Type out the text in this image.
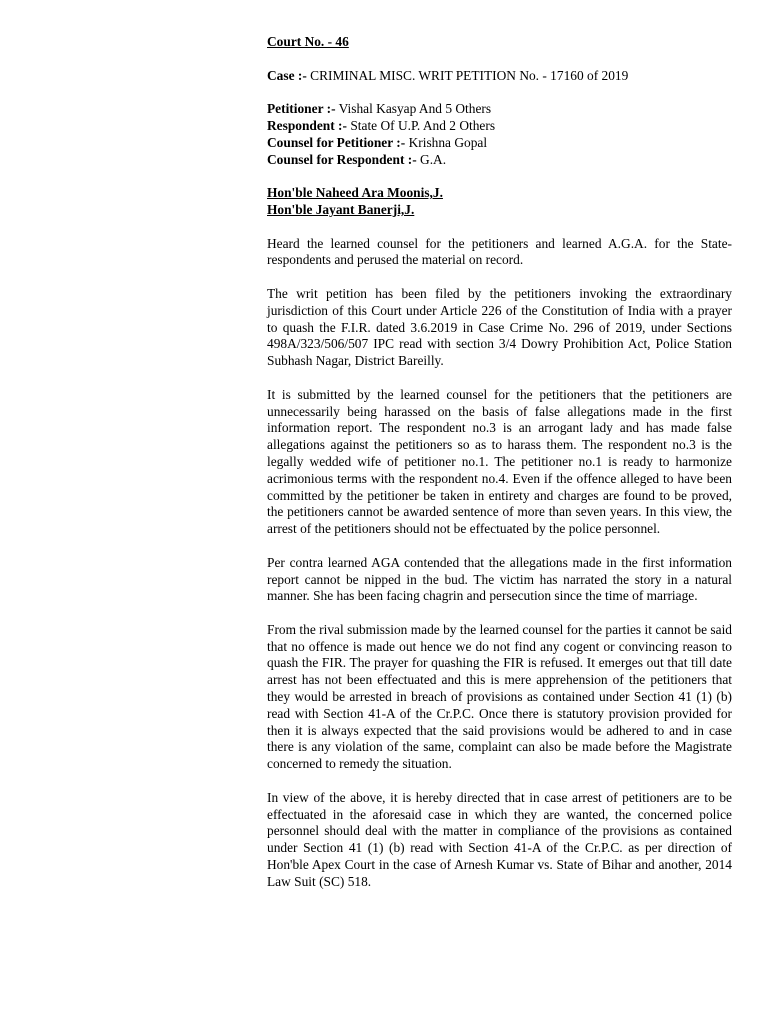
Court No. - 46

Case :- CRIMINAL MISC. WRIT PETITION No. - 17160 of 2019

Petitioner :- Vishal Kasyap And 5 Others

Respondent :- State Of U.P. And 2 Others

Counsel for Petitioner :- Krishna Gopal

Counsel for Respondent :- G.A.

Hon'ble Naheed Ara Moonis,J.

Hon'ble Jayant Banerji,J.

Heard the learned counsel for the petitioners and learned A.G.A. for the State-respondents and perused the material on record.

The writ petition has been filed by the petitioners invoking the extraordinary jurisdiction of this Court under Article 226 of the Constitution of India with a prayer to quash the F.I.R. dated 3.6.2019 in Case Crime No. 296 of 2019, under Sections 498A/323/506/507 IPC read with section 3/4 Dowry Prohibition Act, Police Station Subhash Nagar, District Bareilly.

It is submitted by the learned counsel for the petitioners that the petitioners are unnecessarily being harassed on the basis of false allegations made in the first information report. The respondent no.3 is an arrogant lady and has made false allegations against the petitioners so as to harass them. The respondent no.3 is the legally wedded wife of petitioner no.1. The petitioner no.1 is ready to harmonize acrimonious terms with the respondent no.4. Even if the offence alleged to have been committed by the petitioner be taken in entirety and charges are found to be proved, the petitioners cannot be awarded sentence of more than seven years. In this view, the arrest of the petitioners should not be effectuated by the police personnel.

Per contra learned AGA contended that the allegations made in the first information report cannot be nipped in the bud. The victim has narrated the story in a natural manner. She has been facing chagrin and persecution since the time of marriage.

From the rival submission made by the learned counsel for the parties it cannot be said that no offence is made out hence we do not find any cogent or convincing reason to quash the FIR. The prayer for quashing the FIR is refused. It emerges out that till date arrest has not been effectuated and this is mere apprehension of the petitioners that they would be arrested in breach of provisions as contained under Section 41 (1) (b) read with Section 41-A of the Cr.P.C. Once there is statutory provision provided for then it is always expected that the said provisions would be adhered to and in case there is any violation of the same, complaint can also be made before the Magistrate concerned to remedy the situation.

In view of the above, it is hereby directed that in case arrest of petitioners are to be effectuated in the aforesaid case in which they are wanted, the concerned police personnel should deal with the matter in compliance of the provisions as contained under Section 41 (1) (b) read with Section 41-A of the Cr.P.C. as per direction of Hon'ble Apex Court in the case of Arnesh Kumar vs. State of Bihar and another, 2014 Law Suit (SC) 518.
